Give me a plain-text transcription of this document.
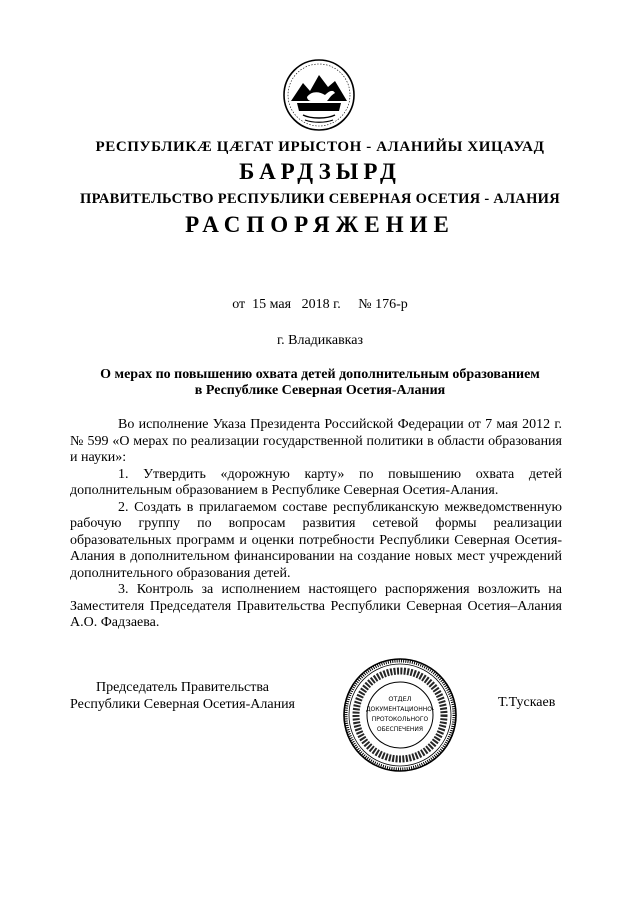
РЕСПУБЛИКӔ ЦӔГАТ ИРЫСТОН - АЛАНИЙЫ ХИЦАУАД
БАРДЗЫРД
ПРАВИТЕЛЬСТВО РЕСПУБЛИКИ СЕВЕРНАЯ ОСЕТИЯ - АЛАНИЯ
РАСПОРЯЖЕНИЕ
от  15 мая   2018 г.     № 176-р
г. Владикавказ
О мерах по повышению охвата детей дополнительным образованием
в Республике Северная Осетия-Алания

Во исполнение Указа Президента Российской Федерации от 7 мая 2012 г. № 599 «О мерах по реализации государственной политики в области образования и науки»:

1. Утвердить «дорожную карту» по повышению охвата детей дополнительным образованием в Республике Северная Осетия-Алания.

2. Создать в прилагаемом составе республиканскую межведомственную рабочую группу по вопросам развития сетевой формы реализации образовательных программ и оценки потребности Республики Северная Осетия-Алания в дополнительном финансировании на создание новых мест учреждений дополнительного образования детей.

3. Контроль за исполнением настоящего распоряжения возложить на Заместителя Председателя Правительства Республики Северная Осетия–Алания А.О. Фадзаева.

Председатель Правительства
Республики Северная Осетия-Алания	ОТДЕЛ
ДОКУМЕНТАЦИОННО-
ПРОТОКОЛЬНОГО
ОБЕСПЕЧЕНИЯ
Т.Тускаев
